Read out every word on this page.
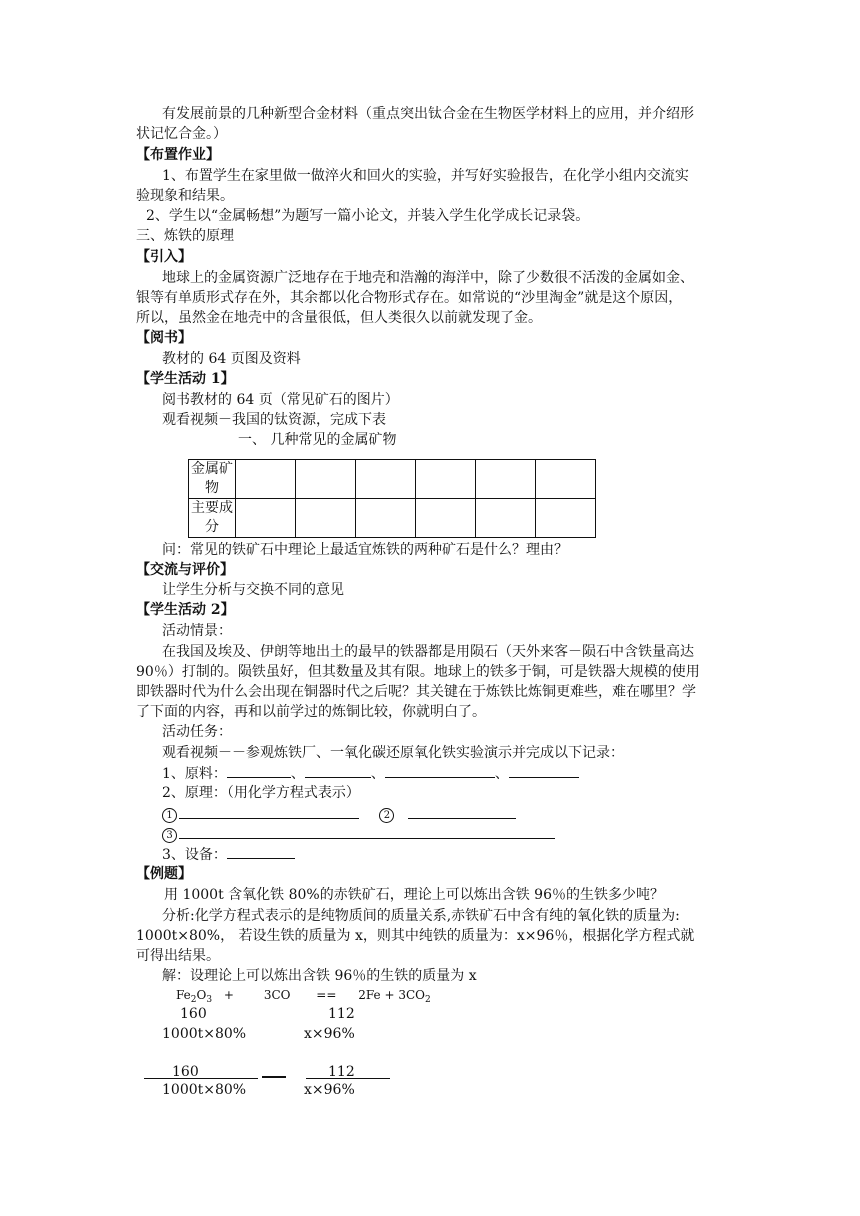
有发展前景的几种新型合金材料（重点突出钛合金在生物医学材料上的应用，并介绍形
状记忆合金。）
【布置作业】
1、布置学生在家里做一做淬火和回火的实验，并写好实验报告，在化学小组内交流实
验现象和结果。
2、学生以“金属畅想”为题写一篇小论文，并装入学生化学成长记录袋。
三、炼铁的原理
【引入】
地球上的金属资源广泛地存在于地壳和浩瀚的海洋中，除了少数很不活泼的金属如金、
银等有单质形式存在外，其余都以化合物形式存在。如常说的“沙里淘金”就是这个原因，
所以，虽然金在地壳中的含量很低，但人类很久以前就发现了金。
【阅书】
教材的 64 页图及资料
【学生活动 1】
阅书教材的 64 页（常见矿石的图片）
观看视频－我国的钛资源，完成下表
一、 几种常见的金属矿物
金属矿物						
主要成分						
问：常见的铁矿石中理论上最适宜炼铁的两种矿石是什么？理由？
【交流与评价】
让学生分析与交换不同的意见
【学生活动 2】
活动情景：
在我国及埃及、伊朗等地出土的最早的铁器都是用陨石（天外来客－陨石中含铁量高达
90％）打制的。陨铁虽好，但其数量及其有限。地球上的铁多于铜，可是铁器大规模的使用
即铁器时代为什么会出现在铜器时代之后呢？其关键在于炼铁比炼铜更难些，难在哪里？学
了下面的内容，再和以前学过的炼铜比较，你就明白了。
活动任务：
观看视频－－参观炼铁厂、一氧化碳还原氧化铁实验演示并完成以下记录：
1、原料：	、	、	、
2、原理：（用化学方程式表示）
1	2
3
3、设备：
【例题】
用 1000t 含氧化铁 80%的赤铁矿石，理论上可以炼出含铁 96％的生铁多少吨？
分析:化学方程式表示的是纯物质间的质量关系,赤铁矿石中含有纯的氧化铁的质量为:
1000t×80%， 若设生铁的质量为 x，则其中纯铁的质量为：x×96％，根据化学方程式就
可得出结果。
解：设理论上可以炼出含铁 96％的生铁的质量为 x
$Fe_2O_3 + 3CO == 2Fe + 3CO_2$
160	112
1000t×80%	x×96%
160
1000t×80%
112
x×96%
